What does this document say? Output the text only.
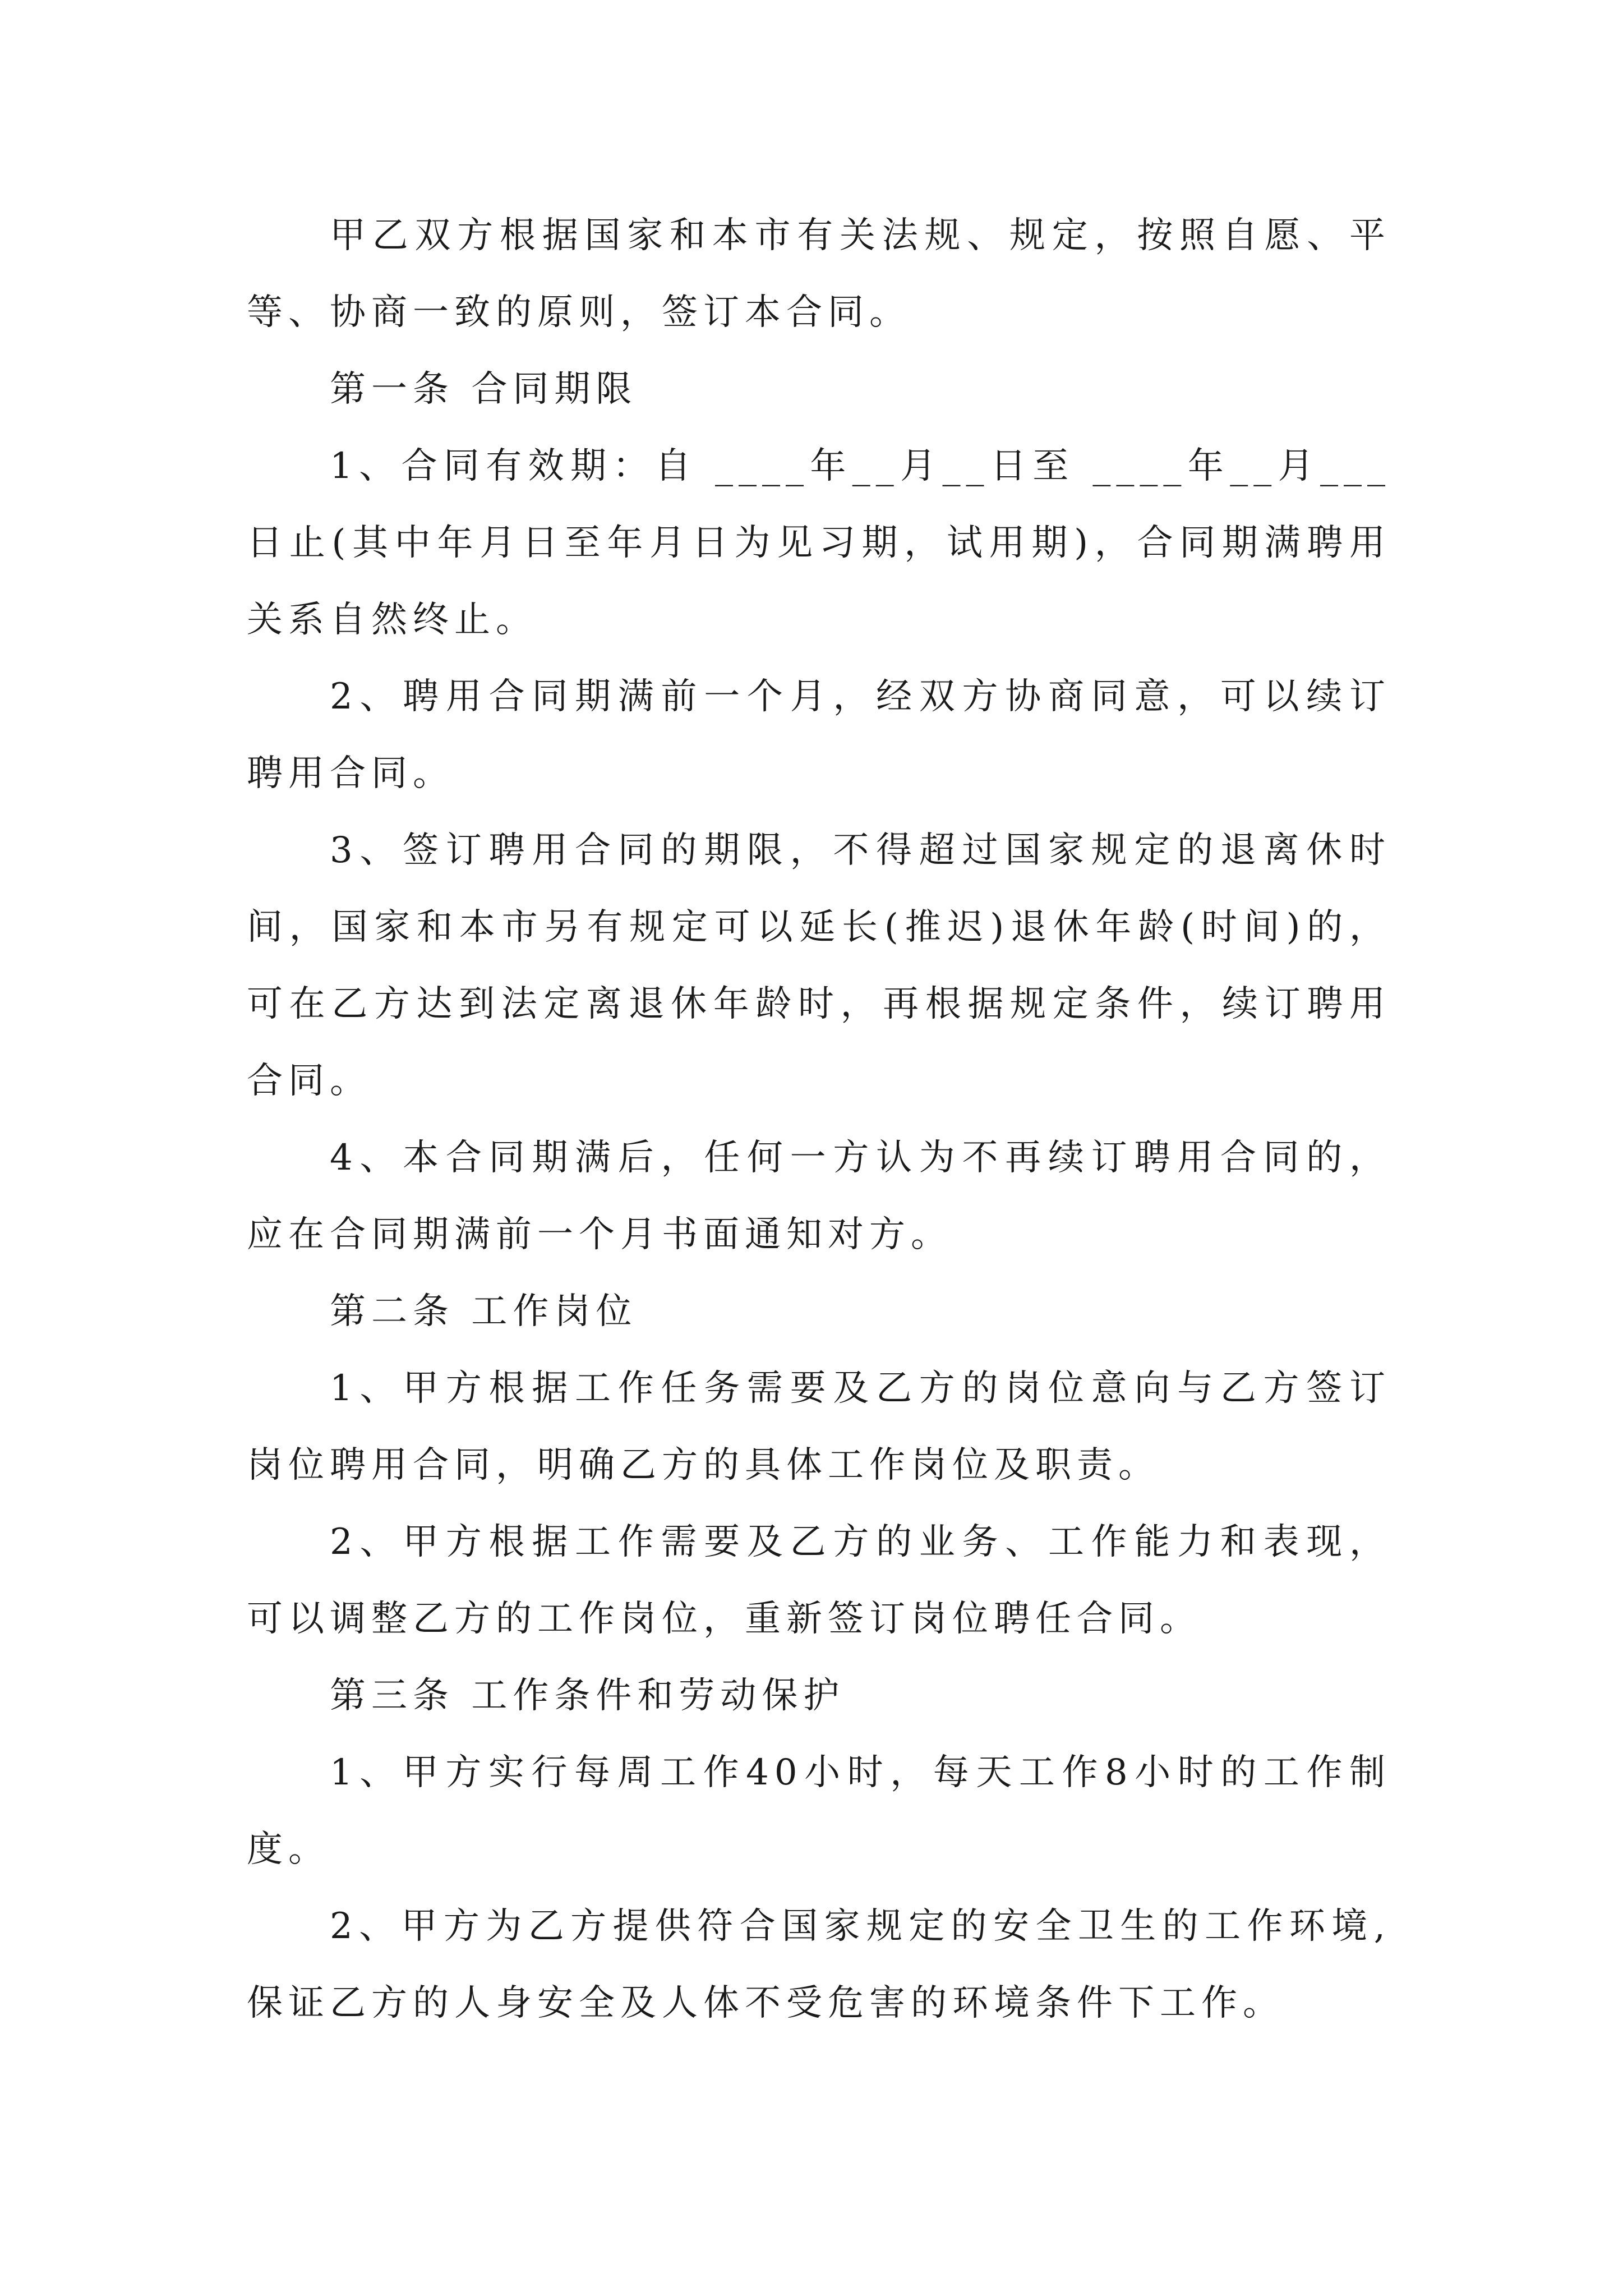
甲乙双方根据国家和本市有关法规、规定，按照自愿、平等、协商一致的原则，签订本合同。

第一条 合同期限

1、合同有效期：自 ____年__月__日至 ____年__月___日止(其中年月日至年月日为见习期，试用期)，合同期满聘用关系自然终止。

2、聘用合同期满前一个月，经双方协商同意，可以续订聘用合同。

3、签订聘用合同的期限，不得超过国家规定的退离休时间，国家和本市另有规定可以延长(推迟)退休年龄(时间)的，可在乙方达到法定离退休年龄时，再根据规定条件，续订聘用合同。

4、本合同期满后，任何一方认为不再续订聘用合同的，应在合同期满前一个月书面通知对方。

第二条 工作岗位

1、甲方根据工作任务需要及乙方的岗位意向与乙方签订岗位聘用合同，明确乙方的具体工作岗位及职责。

2、甲方根据工作需要及乙方的业务、工作能力和表现，可以调整乙方的工作岗位，重新签订岗位聘任合同。

第三条 工作条件和劳动保护

1、甲方实行每周工作40小时，每天工作8小时的工作制度。

2、甲方为乙方提供符合国家规定的安全卫生的工作环境,保证乙方的人身安全及人体不受危害的环境条件下工作。
